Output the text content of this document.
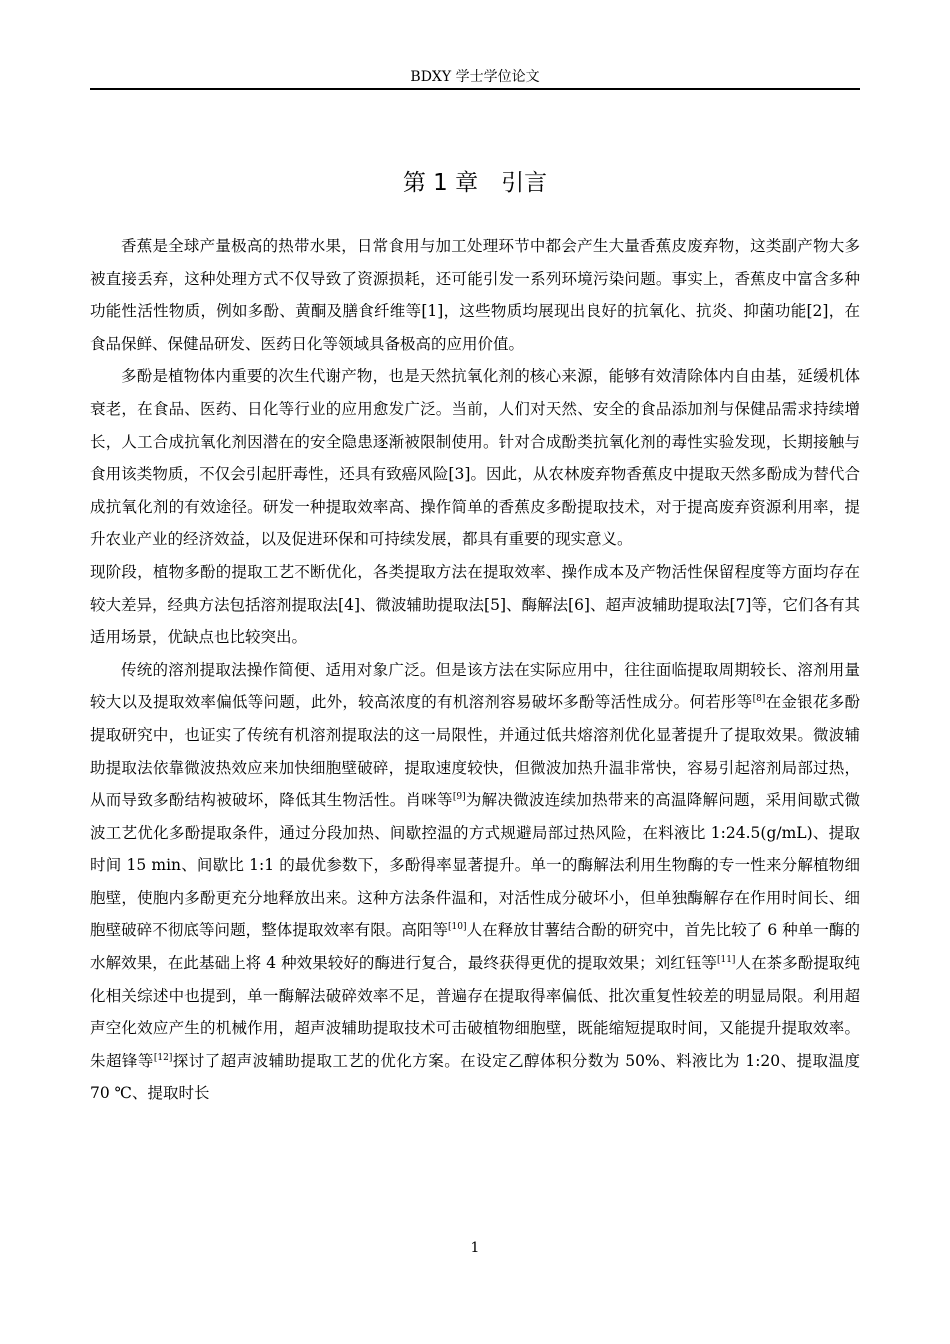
BDXY 学士学位论文
第 1 章　引言

香蕉是全球产量极高的热带水果，日常食用与加工处理环节中都会产生大量香蕉皮废弃物，这类副产物大多被直接丢弃，这种处理方式不仅导致了资源损耗，还可能引发一系列环境污染问题。事实上，香蕉皮中富含多种功能性活性物质，例如多酚、黄酮及膳食纤维等[1]，这些物质均展现出良好的抗氧化、抗炎、抑菌功能[2]，在食品保鲜、保健品研发、医药日化等领域具备极高的应用价值。

多酚是植物体内重要的次生代谢产物，也是天然抗氧化剂的核心来源，能够有效清除体内自由基，延缓机体衰老，在食品、医药、日化等行业的应用愈发广泛。当前，人们对天然、安全的食品添加剂与保健品需求持续增长，人工合成抗氧化剂因潜在的安全隐患逐渐被限制使用。针对合成酚类抗氧化剂的毒性实验发现，长期接触与食用该类物质，不仅会引起肝毒性，还具有致癌风险[3]。因此，从农林废弃物香蕉皮中提取天然多酚成为替代合成抗氧化剂的有效途径。研发一种提取效率高、操作简单的香蕉皮多酚提取技术，对于提高废弃资源利用率，提升农业产业的经济效益，以及促进环保和可持续发展，都具有重要的现实意义。

现阶段，植物多酚的提取工艺不断优化，各类提取方法在提取效率、操作成本及产物活性保留程度等方面均存在较大差异，经典方法包括溶剂提取法[4]、微波辅助提取法[5]、酶解法[6]、超声波辅助提取法[7]等，它们各有其适用场景，优缺点也比较突出。

传统的溶剂提取法操作简便、适用对象广泛。但是该方法在实际应用中，往往面临提取周期较长、溶剂用量较大以及提取效率偏低等问题，此外，较高浓度的有机溶剂容易破坏多酚等活性成分。何若彤等[8]在金银花多酚提取研究中，也证实了传统有机溶剂提取法的这一局限性，并通过低共熔溶剂优化显著提升了提取效果。微波辅助提取法依靠微波热效应来加快细胞壁破碎，提取速度较快，但微波加热升温非常快，容易引起溶剂局部过热，从而导致多酚结构被破坏，降低其生物活性。肖咪等[9]为解决微波连续加热带来的高温降解问题，采用间歇式微波工艺优化多酚提取条件，通过分段加热、间歇控温的方式规避局部过热风险，在料液比 1:24.5(g/mL)、提取时间 15 min、间歇比 1:1 的最优参数下，多酚得率显著提升。单一的酶解法利用生物酶的专一性来分解植物细胞壁，使胞内多酚更充分地释放出来。这种方法条件温和，对活性成分破坏小，但单独酶解存在作用时间长、细胞壁破碎不彻底等问题，整体提取效率有限。高阳等[10]人在释放甘薯结合酚的研究中，首先比较了 6 种单一酶的水解效果，在此基础上将 4 种效果较好的酶进行复合，最终获得更优的提取效果；刘红钰等[11]人在茶多酚提取纯化相关综述中也提到，单一酶解法破碎效率不足，普遍存在提取得率偏低、批次重复性较差的明显局限。利用超声空化效应产生的机械作用，超声波辅助提取技术可击破植物细胞壁，既能缩短提取时间，又能提升提取效率。朱超锋等[12]探讨了超声波辅助提取工艺的优化方案。在设定乙醇体积分数为 50%、料液比为 1:20、提取温度 70 ℃、提取时长

1
